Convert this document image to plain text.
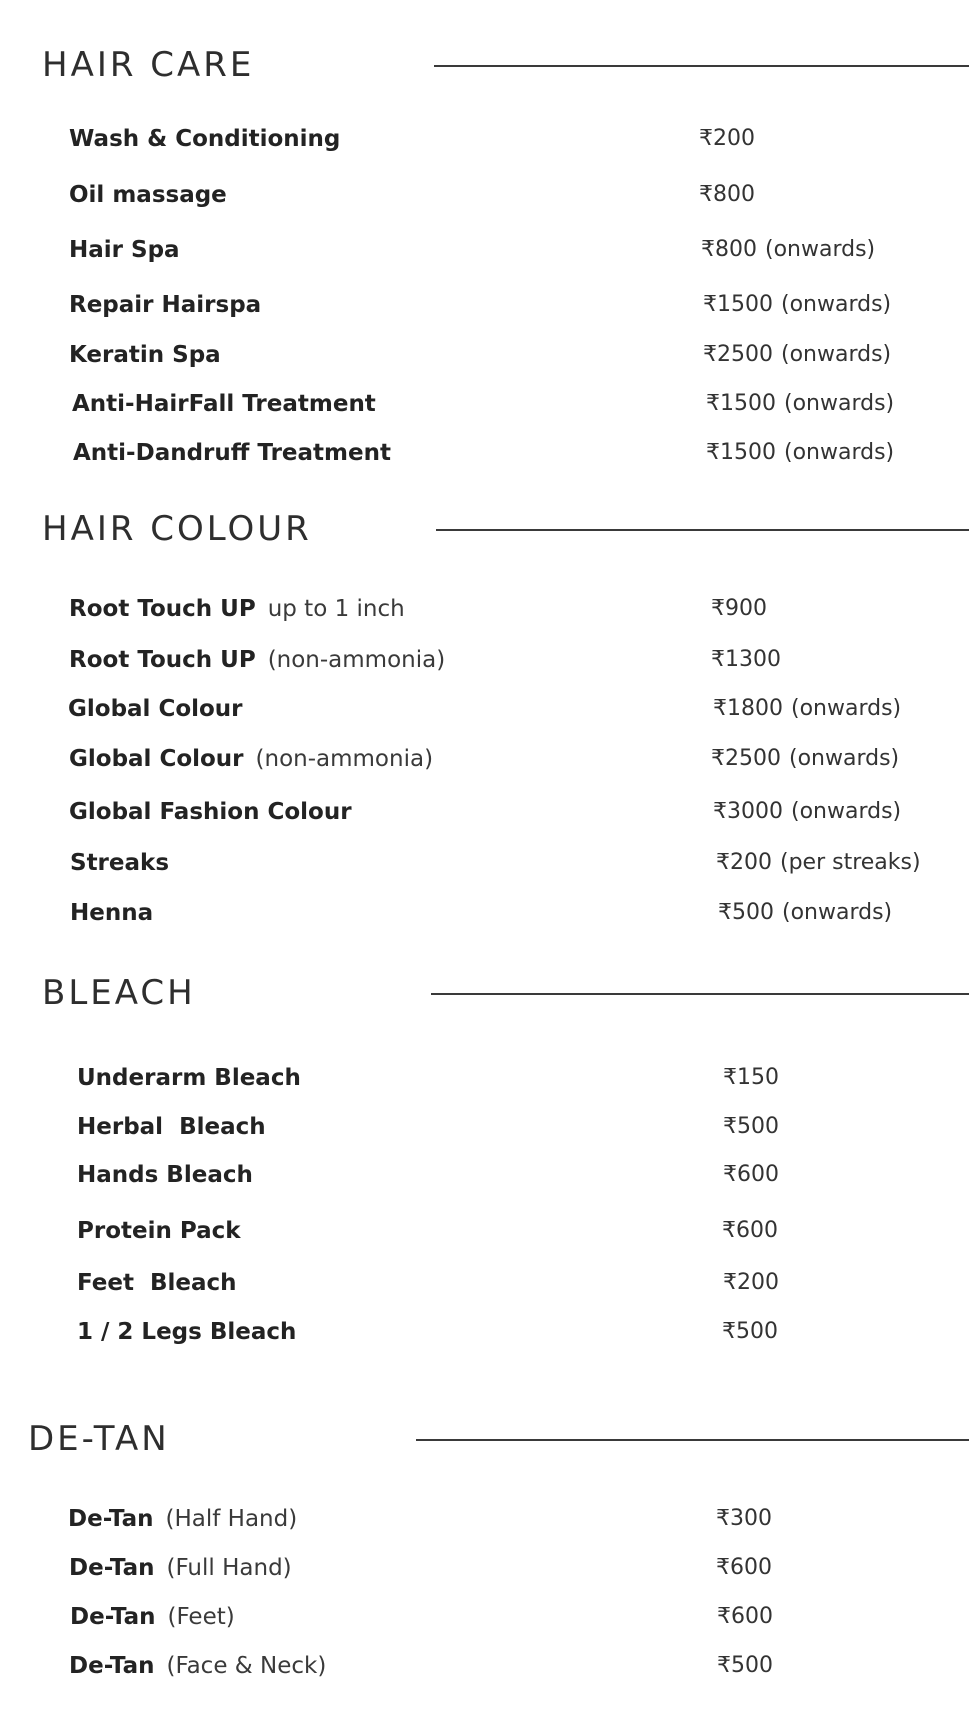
HAIR CARE
Wash & Conditioning	₹200
Oil massage	₹800
Hair Spa	₹800 (onwards)
Repair Hairspa	₹1500 (onwards)
Keratin Spa	₹2500 (onwards)
Anti-HairFall Treatment	₹1500 (onwards)
Anti-Dandruff Treatment	₹1500 (onwards)
HAIR COLOUR
Root Touch UP up to 1 inch	₹900
Root Touch UP (non-ammonia)	₹1300
Global Colour	₹1800 (onwards)
Global Colour (non-ammonia)	₹2500 (onwards)
Global Fashion Colour	₹3000 (onwards)
Streaks	₹200 (per streaks)
Henna	₹500 (onwards)
BLEACH
Underarm Bleach	₹150
Herbal  Bleach	₹500
Hands Bleach	₹600
Protein Pack	₹600
Feet  Bleach	₹200
1 / 2 Legs Bleach	₹500
DE-TAN
De-Tan (Half Hand)	₹300
De-Tan (Full Hand)	₹600
De-Tan (Feet)	₹600
De-Tan (Face & Neck)	₹500
